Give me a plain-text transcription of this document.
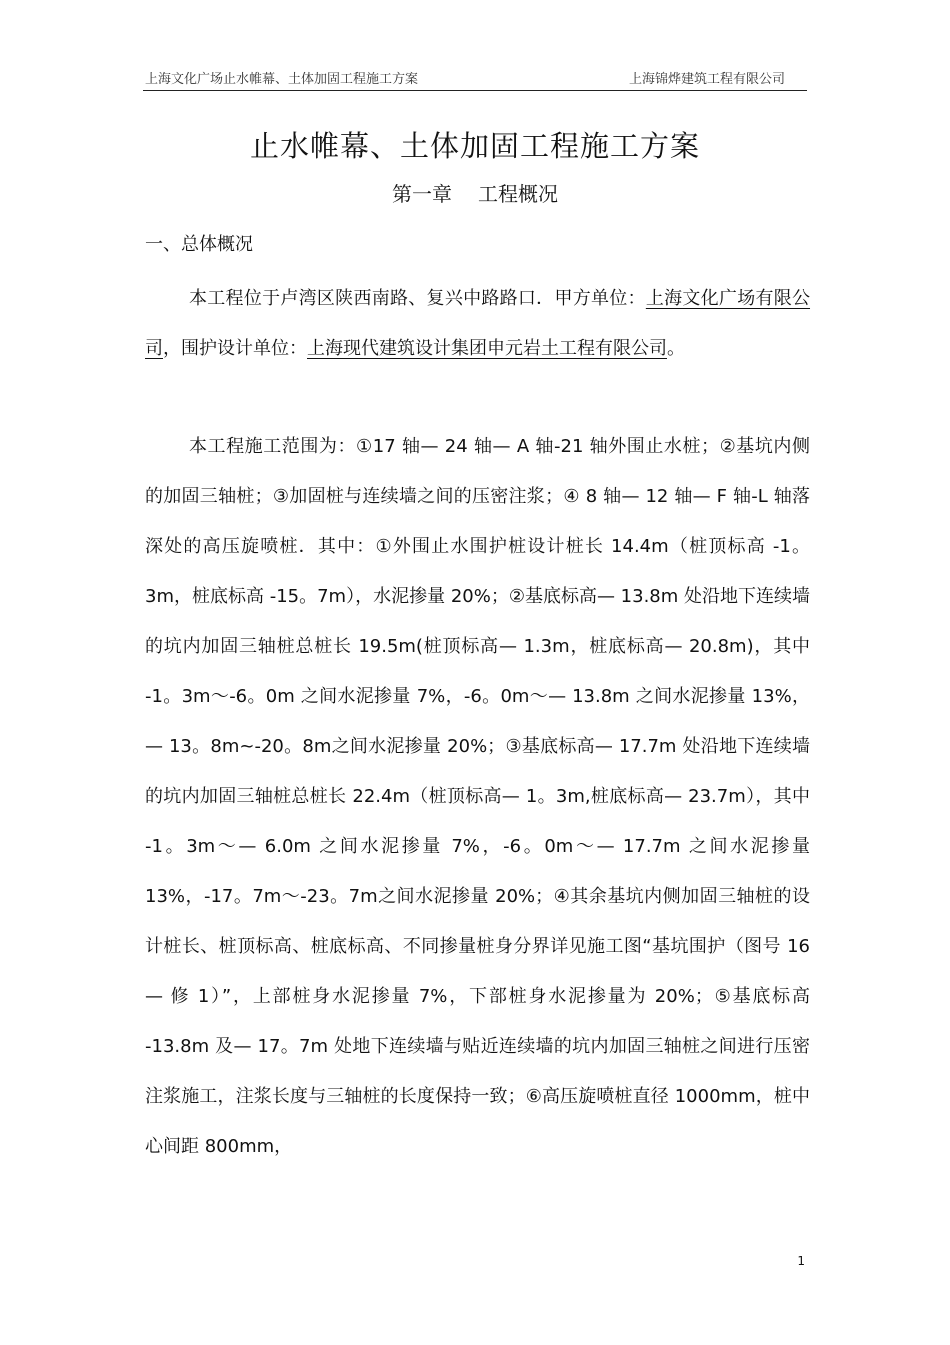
上海文化广场止水帷幕、土体加固工程施工方案	上海锦烨建筑工程有限公司
止水帷幕、土体加固工程施工方案
第一章 工程概况
一、总体概况

本工程位于卢湾区陕西南路、复兴中路路口．甲方单位：上海文化广场有限公司，围护设计单位：上海现代建筑设计集团申元岩土工程有限公司。

本工程施工范围为：①17 轴— 24 轴— A 轴-21 轴外围止水桩；②基坑内侧的加固三轴桩；③加固桩与连续墙之间的压密注浆；④ 8 轴— 12 轴— F 轴-L 轴落深处的高压旋喷桩．其中：①外围止水围护桩设计桩长 14.4m（桩顶标高 -1。3m，桩底标高 -15。7m），水泥掺量 20%；②基底标高— 13.8m 处沿地下连续墙的坑内加固三轴桩总桩长 19.5m(桩顶标高— 1.3m，桩底标高— 20.8m)，其中 -1。3m～-6。0m 之间水泥掺量 7%，-6。0m～— 13.8m 之间水泥掺量 13%，— 13。8m~-20。8m之间水泥掺量 20%；③基底标高— 17.7m 处沿地下连续墙的坑内加固三轴桩总桩长 22.4m（桩顶标高— 1。3m,桩底标高— 23.7m），其中 -1。3m～— 6.0m 之间水泥掺量 7%，-6。0m～— 17.7m 之间水泥掺量 13%，-17。7m～-23。7m之间水泥掺量 20%；④其余基坑内侧加固三轴桩的设计桩长、桩顶标高、桩底标高、不同掺量桩身分界详见施工图“基坑围护（图号 16— 修 1）”，上部桩身水泥掺量 7%，下部桩身水泥掺量为 20%；⑤基底标高 -13.8m 及— 17。7m 处地下连续墙与贴近连续墙的坑内加固三轴桩之间进行压密注浆施工，注浆长度与三轴桩的长度保持一致；⑥高压旋喷桩直径 1000mm，桩中心间距 800mm，

1
